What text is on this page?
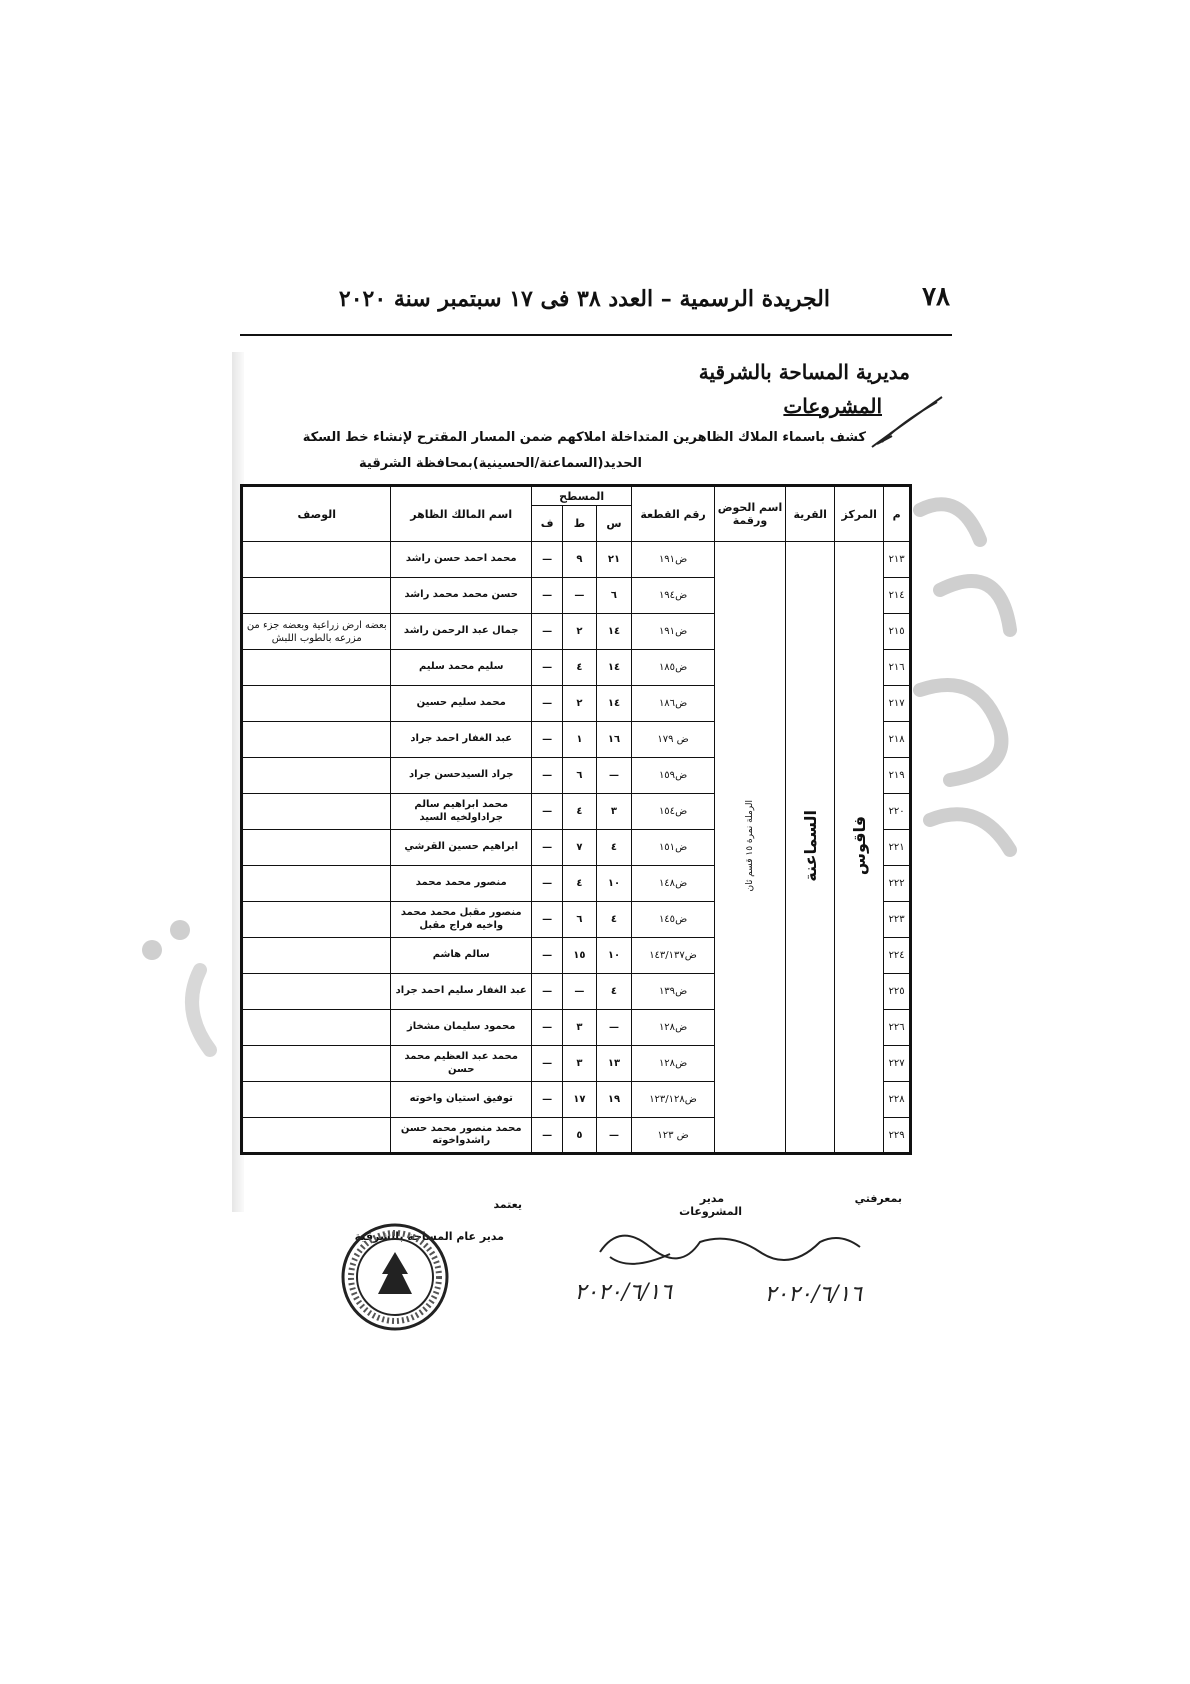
٧٨
الجريدة الرسمية – العدد ٣٨ فى ١٧ سبتمبر سنة ٢٠٢٠
مديرية المساحة بالشرقية
المشروعات
كشف باسماء الملاك الظاهرين المتداخلة املاكهم ضمن المسار المقترح لإنشاء خط السكة
الحديد(السماعنة/الحسينية)بمحافظة الشرقية
م	المركز	القرية	اسم الحوض ورقمة	رقم القطعة	المسطح			اسم المالك الظاهر	الوصف
					س	ط	ف		
٢١٣	فاقوس	السماعنة	الرملة نمرة ١٥ قسم ثان	ض١٩١	٢١	٩	—	محمد احمد حسن راشد	
٢١٤				ض١٩٤	٦	—	—	حسن محمد محمد راشد	
٢١٥				ض١٩١	١٤	٢	—	جمال عبد الرحمن راشد	بعضه ارض زراعية وبعضه جزء من مزرعه بالطوب اللبش
٢١٦				ض١٨٥	١٤	٤	—	سليم محمد سليم	
٢١٧				ض١٨٦	١٤	٢	—	محمد سليم حسين	
٢١٨				ض ١٧٩	١٦	١	—	عبد الغفار احمد جراد	
٢١٩				ض١٥٩	—	٦	—	جراد السيدحسن جراد	
٢٢٠				ض١٥٤	٣	٤	—	محمد ابراهيم سالم جراداولخيه السيد	
٢٢١				ض١٥١	٤	٧	—	ابراهيم حسين القرشي	
٢٢٢				ض١٤٨	١٠	٤	—	منصور محمد محمد	
٢٢٣				ض١٤٥	٤	٦	—	منصور مقبل محمد محمد واخيه فراج مقبل	
٢٢٤				ض١٤٣/١٣٧	١٠	١٥	—	سالم هاشم	
٢٢٥				ض١٣٩	٤	—	—	عبد الغفار سليم احمد جراد	
٢٢٦				ض١٢٨	—	٣	—	محمود سليمان مشخاز	
٢٢٧				ض١٢٨	١٣	٣	—	محمد عبد العظيم محمد حسن	
٢٢٨				ض١٢٣/١٢٨	١٩	١٧	—	توفيق استيان واخوته	
٢٢٩				ض ١٢٣	—	٥	—	محمد منصور محمد حسن راشدواخوته	
بمعرفتي
مدير المشروعات
يعتمد
مدير عام المساحة بالشرقية
٢٠٢٠/٦/١٦
٢٠٢٠/٦/١٦
